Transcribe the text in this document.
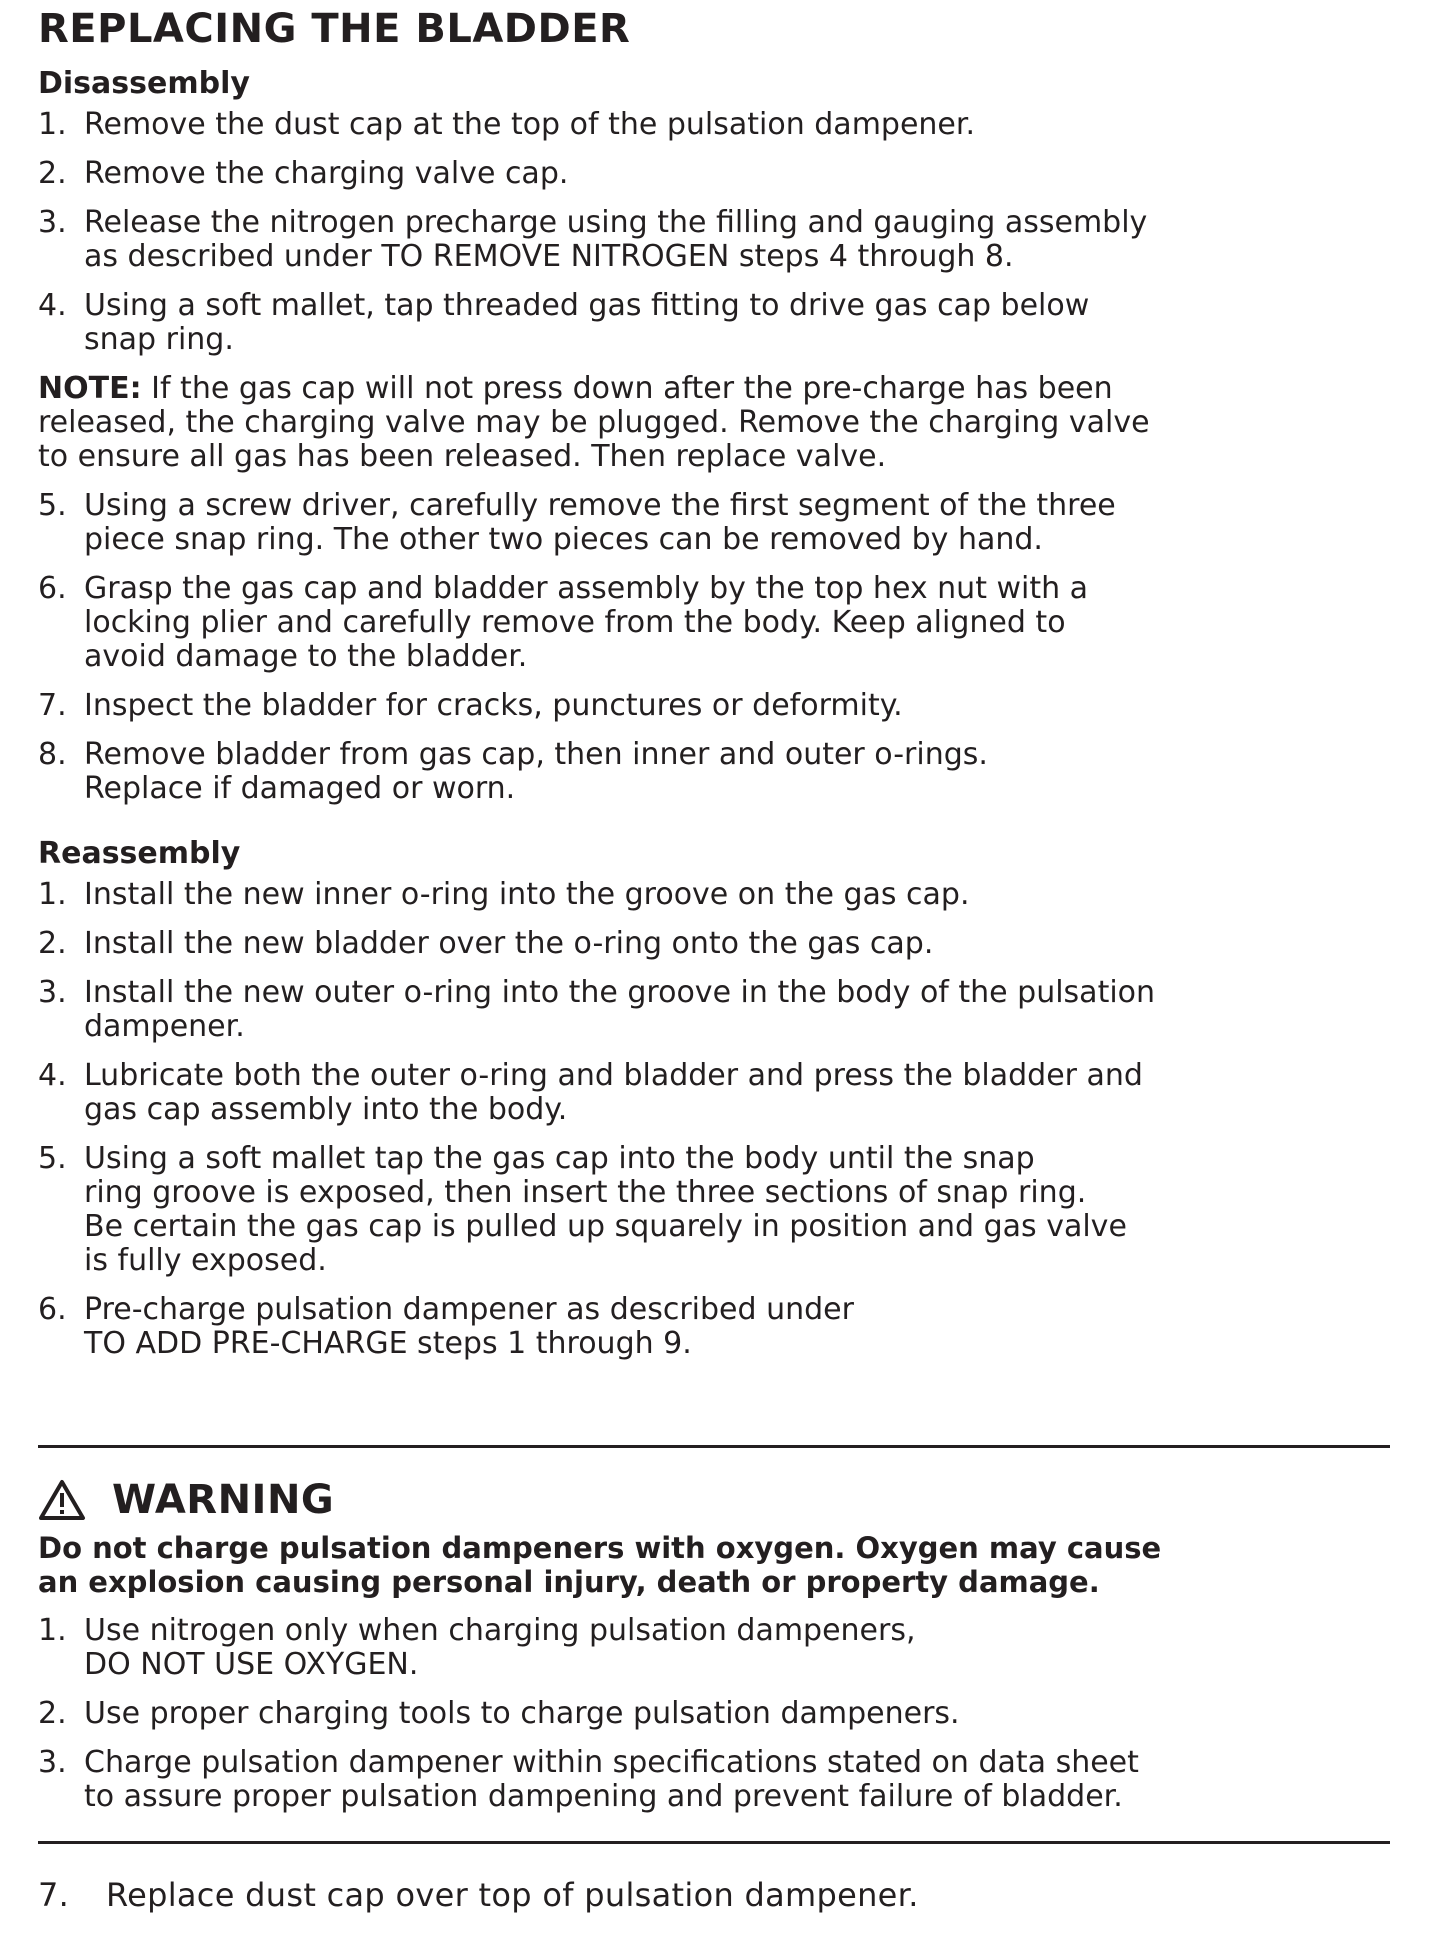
REPLACING THE BLADDER
Disassembly
1. Remove the dust cap at the top of the pulsation dampener.
2. Remove the charging valve cap.
3. Release the nitrogen precharge using the filling and gauging assembly
as described under TO REMOVE NITROGEN steps 4 through 8.
4. Using a soft mallet, tap threaded gas fitting to drive gas cap below
snap ring.
NOTE: If the gas cap will not press down after the pre-charge has been
released, the charging valve may be plugged. Remove the charging valve
to ensure all gas has been released. Then replace valve.
5. Using a screw driver, carefully remove the first segment of the three
piece snap ring. The other two pieces can be removed by hand.
6. Grasp the gas cap and bladder assembly by the top hex nut with a
locking plier and carefully remove from the body. Keep aligned to
avoid damage to the bladder.
7. Inspect the bladder for cracks, punctures or deformity.
8. Remove bladder from gas cap, then inner and outer o-rings.
Replace if damaged or worn.
Reassembly
1. Install the new inner o-ring into the groove on the gas cap.
2. Install the new bladder over the o-ring onto the gas cap.
3. Install the new outer o-ring into the groove in the body of the pulsation
dampener.
4. Lubricate both the outer o-ring and bladder and press the bladder and
gas cap assembly into the body.
5. Using a soft mallet tap the gas cap into the body until the snap
ring groove is exposed, then insert the three sections of snap ring.
Be certain the gas cap is pulled up squarely in position and gas valve
is fully exposed.
6. Pre-charge pulsation dampener as described under
TO ADD PRE-CHARGE steps 1 through 9.
WARNING
Do not charge pulsation dampeners with oxygen. Oxygen may cause
an explosion causing personal injury, death or property damage.
1. Use nitrogen only when charging pulsation dampeners,
DO NOT USE OXYGEN.
2. Use proper charging tools to charge pulsation dampeners.
3. Charge pulsation dampener within specifications stated on data sheet
to assure proper pulsation dampening and prevent failure of bladder.
7. Replace dust cap over top of pulsation dampener.
